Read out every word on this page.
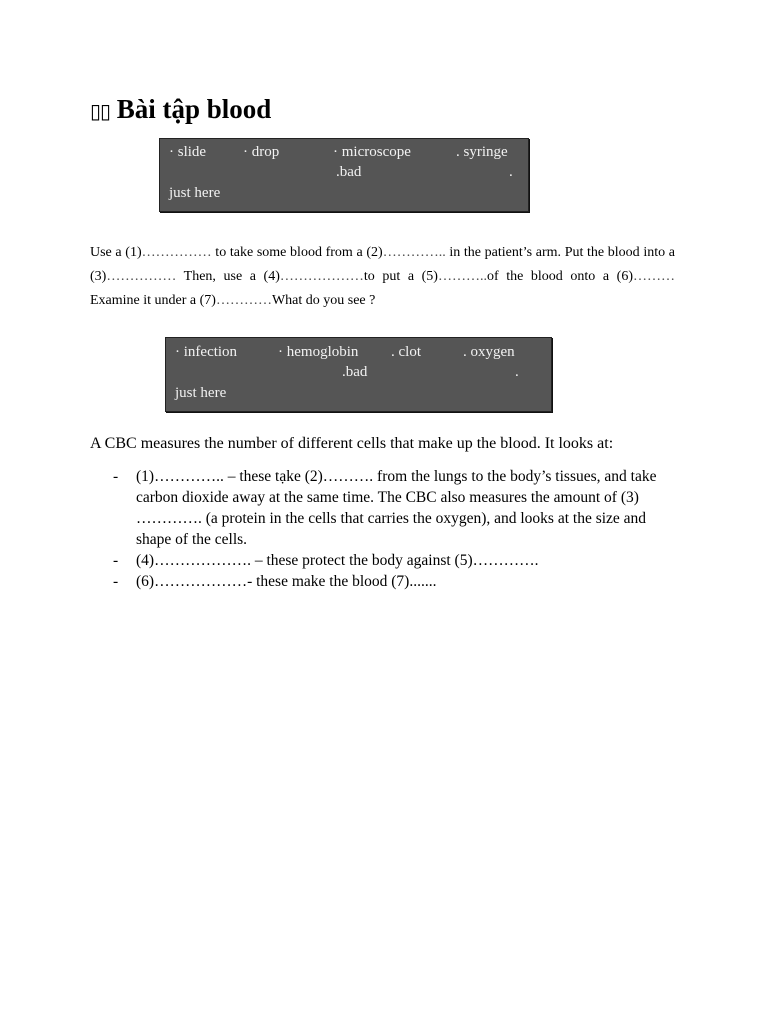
▯▯ Bài tập blood
· slide · drop	· microscope	. syringe
.bad	.
just here

Use a (1)…………… to take some blood from a (2)………….. in the patient’s arm. Put the blood into a (3)…………… Then, use a (4)………………to put a (5)………..of the blood onto a (6)………Examine it under a (7)…………What do you see ?

· infection	· hemoglobin . clot	. oxygen
.bad	.
just here

A CBC measures the number of different cells that make up the blood. It looks at:

- (1)………….. – these tạke (2)………. from the lungs to the body’s tissues, and take carbon dioxide away at the same time. The CBC also measures the amount of (3) …………. (a protein in the cells that carries the oxygen), and looks at the size and shape of the cells.
- (4)………………. – these protect the body against (5)………….
- (6)………………- these make the blood (7).......
